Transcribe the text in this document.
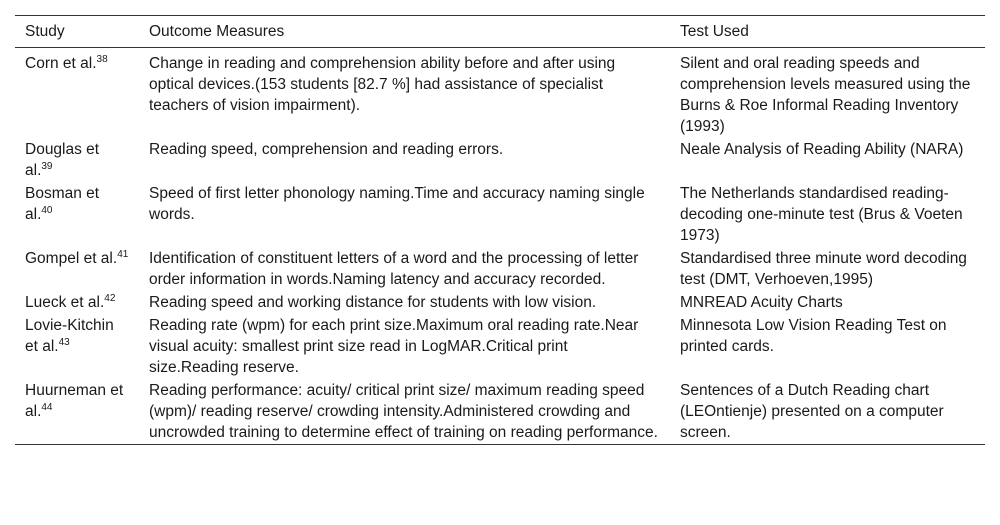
Study	Outcome Measures	Test Used
Corn et al.$^{38}$	Change in reading and comprehension ability before and after using optical devices.(153 students [82.7 %] had assistance of specialist teachers of vision impairment).	Silent and oral reading speeds and comprehension levels measured using the Burns & Roe Informal Reading Inventory (1993)
Douglas et al.$^{39}$	Reading speed, comprehension and reading errors.	Neale Analysis of Reading Ability (NARA)
Bosman et al.$^{40}$	Speed of first letter phonology naming.Time and accuracy naming single words.	The Netherlands standardised reading-decoding one-minute test (Brus & Voeten 1973)
Gompel et al.$^{41}$	Identification of constituent letters of a word and the processing of letter order information in words.Naming latency and accuracy recorded.	Standardised three minute word decoding test (DMT, Verhoeven,1995)
Lueck et al.$^{42}$	Reading speed and working distance for students with low vision.	MNREAD Acuity Charts
Lovie-Kitchin et al.$^{43}$	Reading rate (wpm) for each print size.Maximum oral reading rate.Near visual acuity: smallest print size read in LogMAR.Critical print size.Reading reserve.	Minnesota Low Vision Reading Test on printed cards.
Huurneman et al.$^{44}$	Reading performance: acuity/ critical print size/ maximum reading speed (wpm)/ reading reserve/ crowding intensity.Administered crowding and uncrowded training to determine effect of training on reading performance.	Sentences of a Dutch Reading chart (LEOntienje) presented on a computer screen.
